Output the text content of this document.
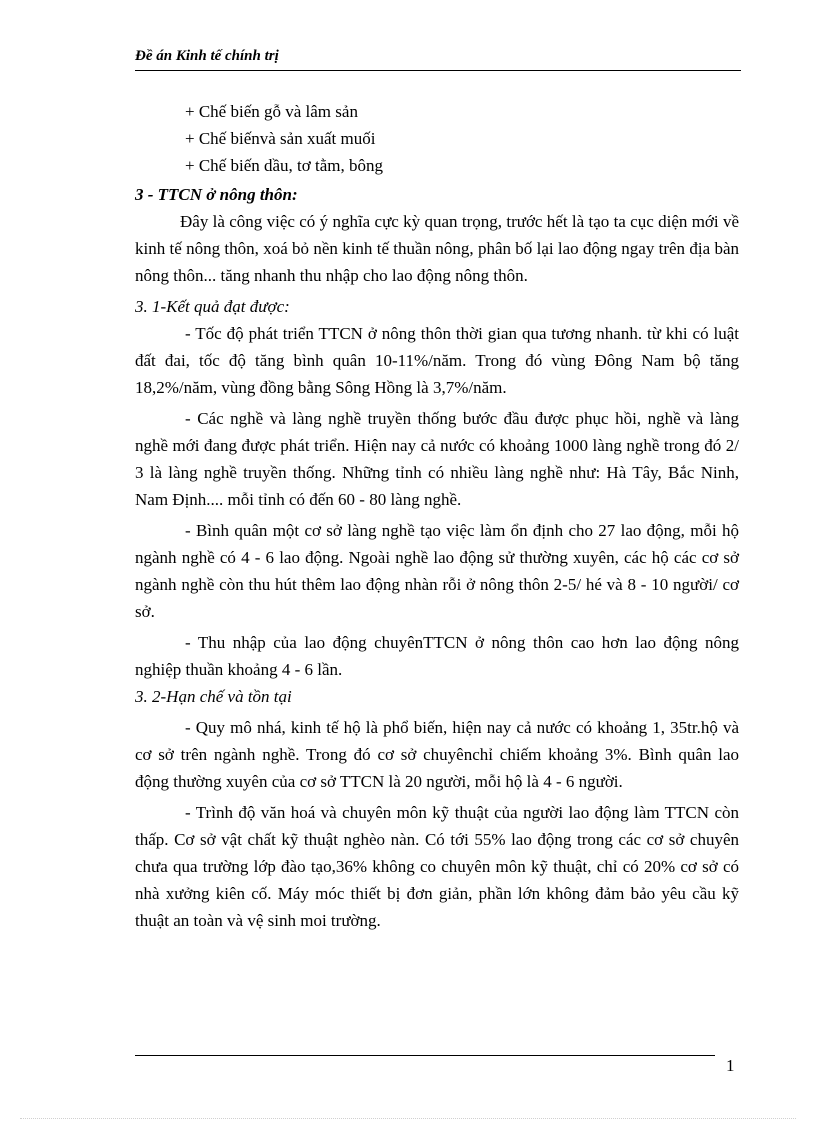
Đề án Kinh tế chính trị

+ Chế biến gỗ và lâm sản

+ Chế biếnvà sản xuất muối

+ Chế biến dầu, tơ tằm, bông

3 - TTCN ở nông thôn:

Đây là công việc có ý nghĩa cực kỳ quan trọng, trước hết là tạo ta cục diện mới về kinh tế nông thôn, xoá bỏ nền kinh tế thuần nông, phân bố lại lao động ngay trên địa bàn nông thôn... tăng nhanh thu nhập cho lao động nông thôn.

3. 1-Kết quả đạt được:

- Tốc độ phát triển TTCN ở nông thôn thời gian qua tương nhanh. từ khi có luật đất đai, tốc độ tăng bình quân 10-11%/năm. Trong đó vùng Đông Nam bộ tăng 18,2%/năm, vùng đồng bằng Sông Hồng là 3,7%/năm.

- Các nghề và làng nghề truyền thống bước đầu được phục hồi, nghề và làng nghề mới đang được phát triển. Hiện nay cả nước có khoảng 1000 làng nghề trong đó 2/ 3 là làng nghề truyền thống. Những tỉnh có nhiều làng nghề như: Hà Tây, Bắc Ninh, Nam Định.... mỗi tỉnh có đến 60 - 80 làng nghề.

- Bình quân một cơ sở làng nghề tạo việc làm ổn định cho 27 lao động, mỗi hộ ngành nghề có 4 - 6 lao động. Ngoài nghề lao động sử thường xuyên, các hộ các cơ sở ngành nghề còn thu hút thêm lao động nhàn rỗi ở nông thôn 2-5/ hé và 8 - 10 người/ cơ sở.

- Thu nhập của lao động chuyênTTCN ở nông thôn cao hơn lao động nông nghiệp thuần khoảng 4 - 6 lần.

3. 2-Hạn chế và tồn tại

- Quy mô nhá, kinh tế hộ là phổ biến, hiện nay cả nước có khoảng 1, 35tr.hộ và cơ sở trên ngành nghề. Trong đó cơ sở chuyênchỉ chiếm khoảng 3%. Bình quân lao động thường xuyên của cơ sở TTCN là 20 người, mỗi hộ là 4 - 6 người.

- Trình độ văn hoá và chuyên môn kỹ thuật của người lao động làm TTCN còn thấp. Cơ sở vật chất kỹ thuật nghèo nàn. Có tới 55% lao động trong các cơ sở chuyên chưa qua trường lớp đào tạo,36% không co chuyên môn kỹ thuật, chỉ có 20% cơ sở có nhà xưởng kiên cố. Máy móc thiết bị đơn giản, phần lớn không đảm bảo yêu cầu kỹ thuật an toàn và vệ sinh moi trường.

1
